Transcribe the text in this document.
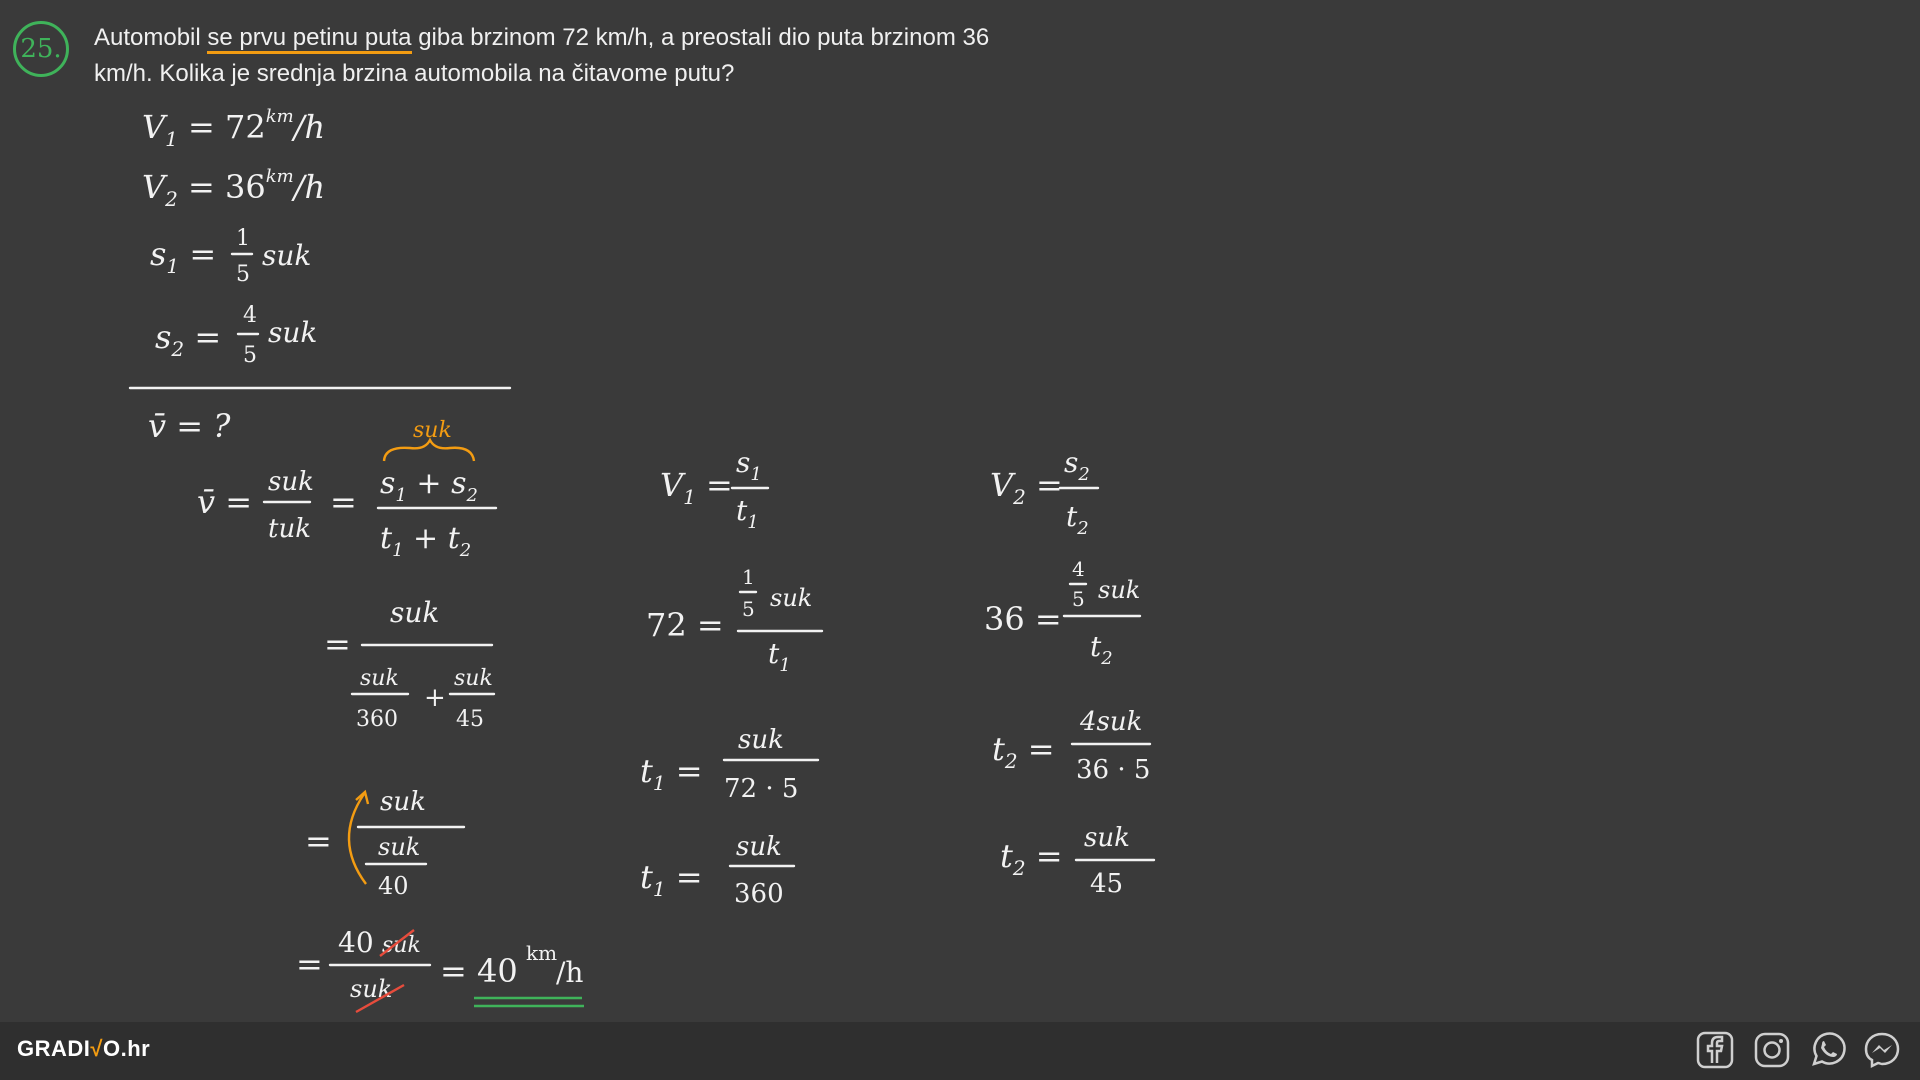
25. Automobil se prvu petinu puta giba brzinom 72 km/h, a preostali dio puta brzinom 36 km/h. Kolika je srednja brzina automobila na čitavome putu?
$V_1 = 72^{km}/h$
$V_2 = 36^{km}/h$
$s_1 = 1$
5
suk
$s_2$ =
4
5
suk
v̄ = ?
v̄ =
suk
tuk
=
suk
$s_1 + s_2$
$t_1 + t_2$
=
suk
suk
360
+
suk
45
=
suk
suk
40
=
40 suk
suk = 40 km
/h
$V_1$ =
$s_1$
$t_1$
72 =
1
5 suk
$t_1$
$t_1$ =
suk
72 · 5
$t_1$ =
suk
360
$V_2$ =
$s_2$
$t_2$
36 =
4
5 suk
$t_2$
$t_2$ =
4suk
36 · 5
$t_2$ = suk
45
GRADI√O.hr
